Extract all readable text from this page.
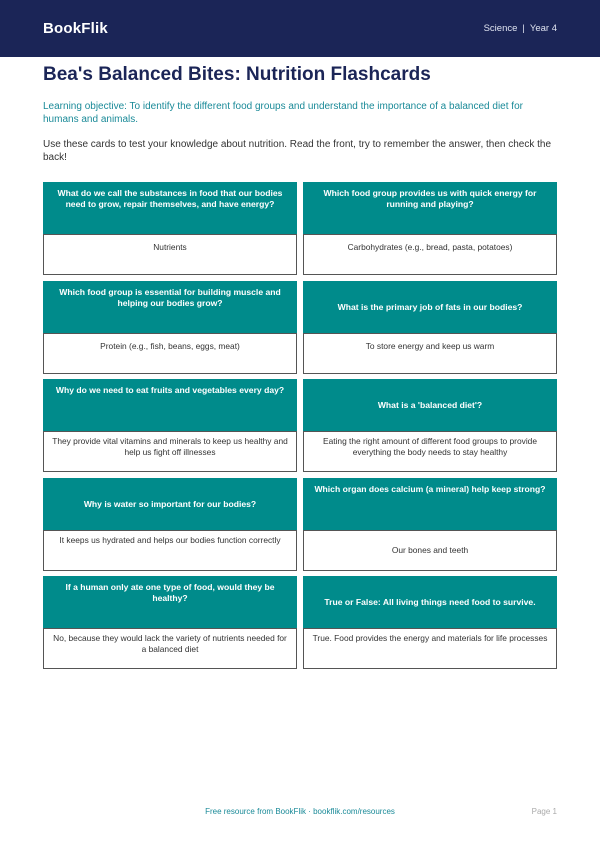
BookFlik	Science | Year 4
Bea's Balanced Bites: Nutrition Flashcards
Learning objective: To identify the different food groups and understand the importance of a balanced diet for humans and animals.
Use these cards to test your knowledge about nutrition. Read the front, try to remember the answer, then check the back!
What do we call the substances in food that our bodies need to grow, repair themselves, and have energy?
Nutrients
Which food group provides us with quick energy for running and playing?
Carbohydrates (e.g., bread, pasta, potatoes)
Which food group is essential for building muscle and helping our bodies grow?
Protein (e.g., fish, beans, eggs, meat)
What is the primary job of fats in our bodies?
To store energy and keep us warm
Why do we need to eat fruits and vegetables every day?
They provide vital vitamins and minerals to keep us healthy and help us fight off illnesses
What is a 'balanced diet'?
Eating the right amount of different food groups to provide everything the body needs to stay healthy
Why is water so important for our bodies?
It keeps us hydrated and helps our bodies function correctly
Which organ does calcium (a mineral) help keep strong?
Our bones and teeth
If a human only ate one type of food, would they be healthy?
No, because they would lack the variety of nutrients needed for a balanced diet
True or False: All living things need food to survive.
True. Food provides the energy and materials for life processes
Free resource from BookFlik · bookflik.com/resources	Page 1
